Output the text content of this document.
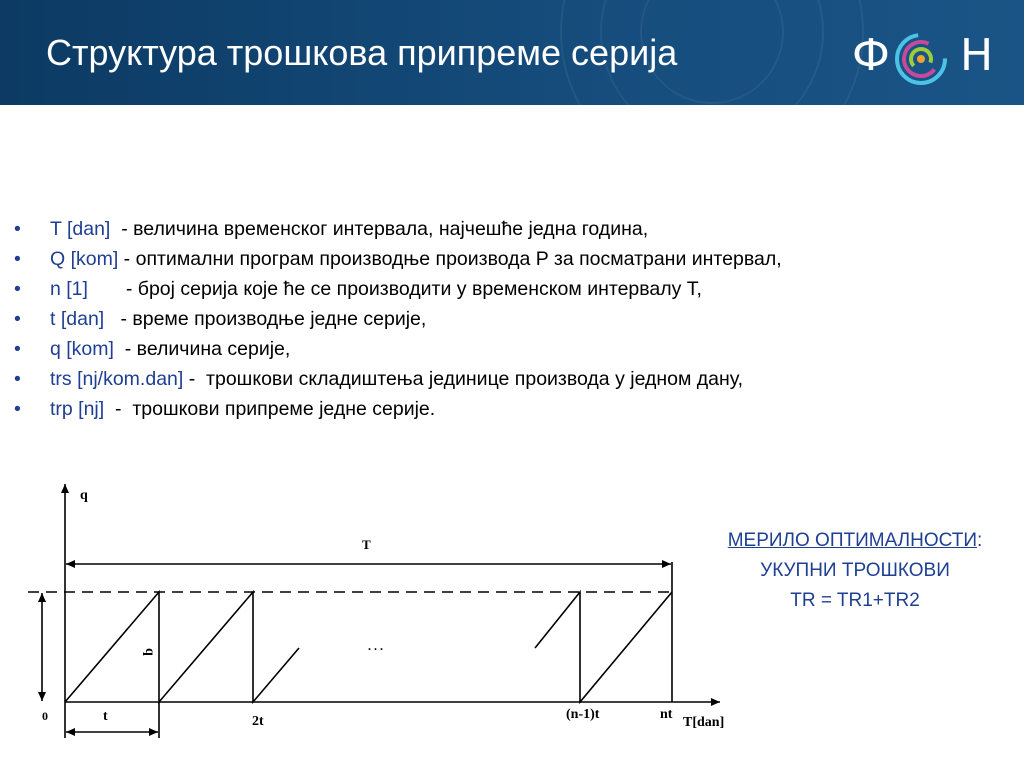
Структура трошкова припреме серија	Ф Н
• T [dan]  - величина временског интервала, најчешће једна година,
• Q [kom] - оптимални програм производње производа P за посматрани интервал,
• n [1]       - број серија које ће се производити у временском интервалу T,
• t [dan]   - време производње једне серије,
• q [kom]  - величина серије,
• trs [nj/kom.dan] -  трошкови складиштења јединице производа у једном дану,
• trp [nj]  -  трошкови припреме једне серије.
q
T
q	. . .
0	t	2t	(n-1)t	nt
T[dan]
МЕРИЛО ОПТИМАЛНОСТИ:
УКУПНИ ТРОШКОВИ
TR = TR1+TR2
